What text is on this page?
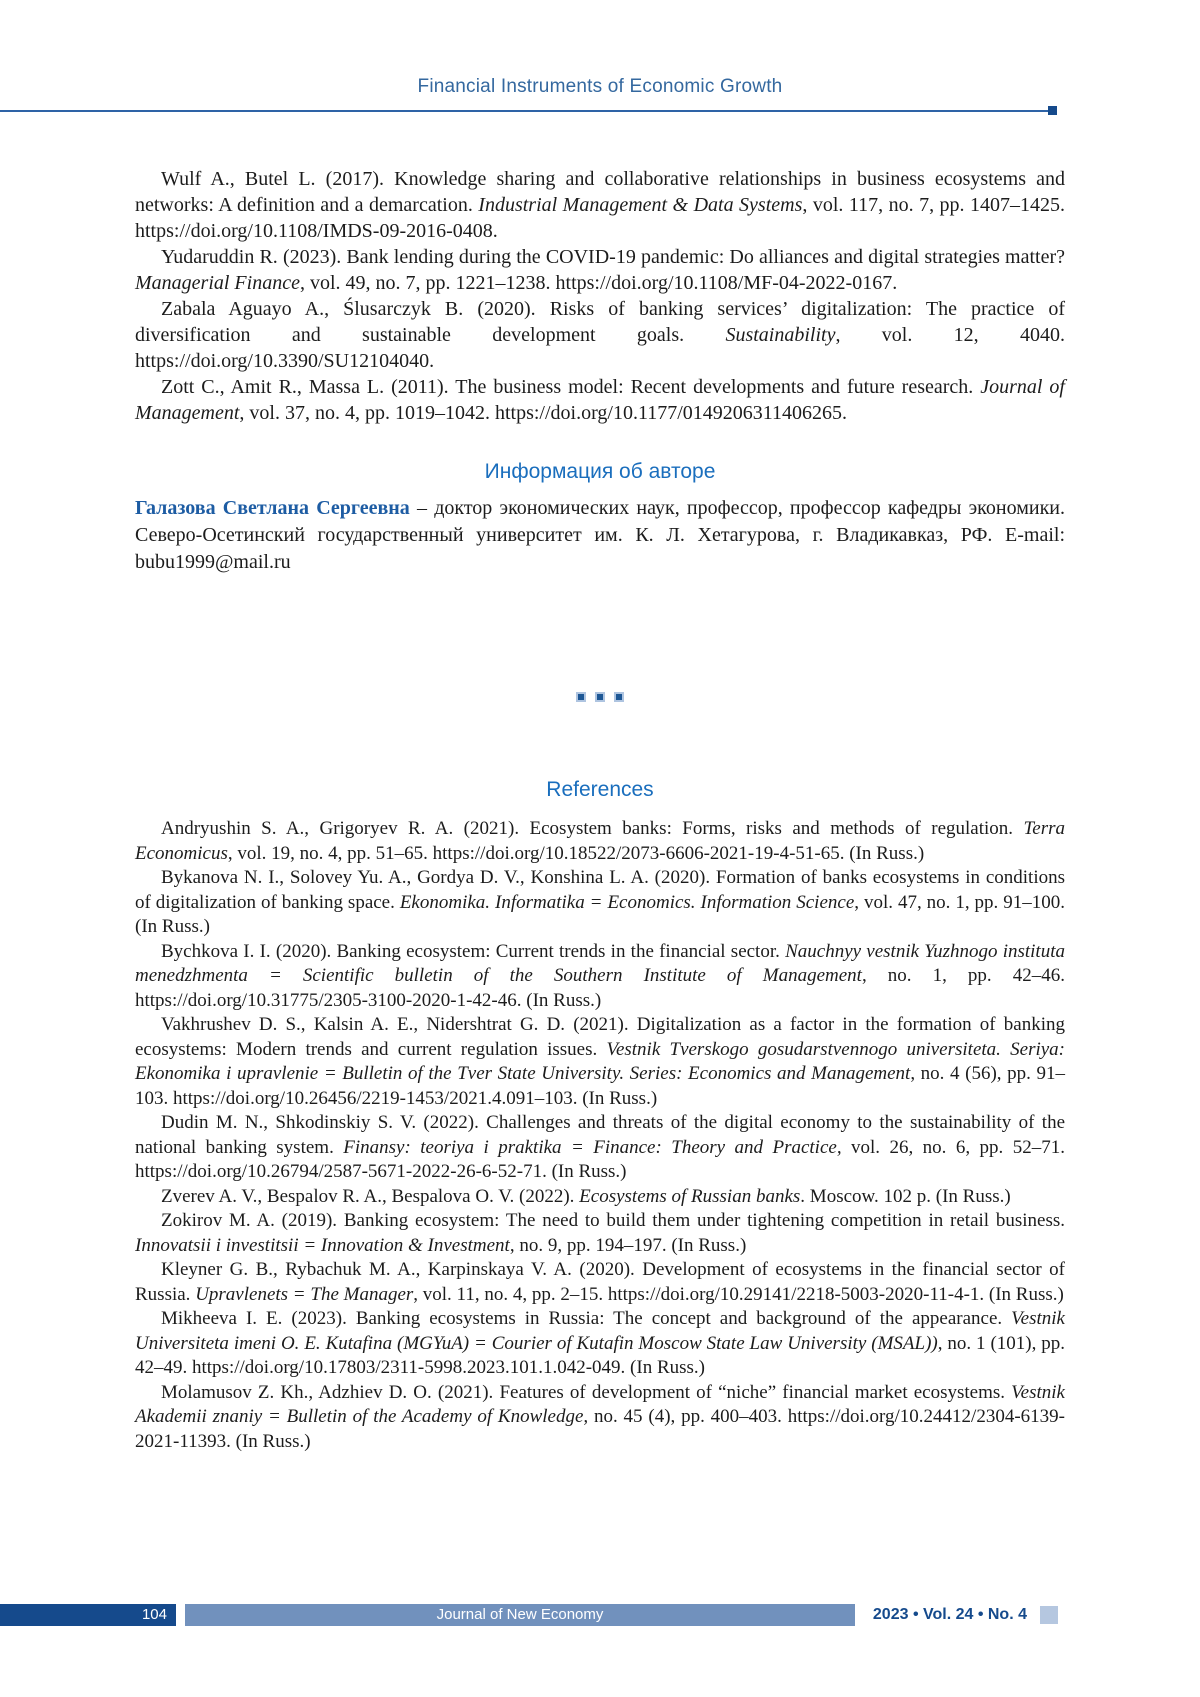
Financial Instruments of Economic Growth

Wulf A., Butel L. (2017). Knowledge sharing and collaborative relationships in business ecosystems and networks: A definition and a demarcation. Industrial Management & Data Systems, vol. 117, no. 7, pp. 1407–1425. https://doi.org/10.1108/IMDS-09-2016-0408.

Yudaruddin R. (2023). Bank lending during the COVID-19 pandemic: Do alliances and digital strategies matter? Managerial Finance, vol. 49, no. 7, pp. 1221–1238. https://doi.org/10.1108/MF-04-2022-0167.

Zabala Aguayo A., Ślusarczyk B. (2020). Risks of banking services’ digitalization: The practice of diversification and sustainable development goals. Sustainability, vol. 12, 4040. https://doi.org/10.3390/SU12104040.

Zott C., Amit R., Massa L. (2011). The business model: Recent developments and future research. Journal of Management, vol. 37, no. 4, pp. 1019–1042. https://doi.org/10.1177/0149206311406265.

Информация об авторе

Галазова Светлана Сергеевна – доктор экономических наук, профессор, профессор кафедры экономики. Северо-Осетинский государственный университет им. К. Л. Хетагурова, г. Владикавказ, РФ. E-mail: bubu1999@mail.ru

References

Andryushin S. A., Grigoryev R. A. (2021). Ecosystem banks: Forms, risks and methods of regulation. Terra Economicus, vol. 19, no. 4, pp. 51–65. https://doi.org/10.18522/2073-6606-2021-19-4-51-65. (In Russ.)

Bykanova N. I., Solovey Yu. A., Gordya D. V., Konshina L. A. (2020). Formation of banks ecosystems in conditions of digitalization of banking space. Ekonomika. Informatika = Economics. Information Science, vol. 47, no. 1, pp. 91–100. (In Russ.)

Bychkova I. I. (2020). Banking ecosystem: Current trends in the financial sector. Nauchnyy vestnik Yuzhnogo instituta menedzhmenta = Scientific bulletin of the Southern Institute of Management, no. 1, pp. 42–46. https://doi.org/10.31775/2305-3100-2020-1-42-46. (In Russ.)

Vakhrushev D. S., Kalsin A. E., Nidershtrat G. D. (2021). Digitalization as a factor in the formation of banking ecosystems: Modern trends and current regulation issues. Vestnik Tverskogo gosudarstvennogo universiteta. Seriya: Ekonomika i upravlenie = Bulletin of the Tver State University. Series: Economics and Management, no. 4 (56), pp. 91–103. https://doi.org/10.26456/2219-1453/2021.4.091–103. (In Russ.)

Dudin M. N., Shkodinskiy S. V. (2022). Challenges and threats of the digital economy to the sustainability of the national banking system. Finansy: teoriya i praktika = Finance: Theory and Practice, vol. 26, no. 6, pp. 52–71. https://doi.org/10.26794/2587-5671-2022-26-6-52-71. (In Russ.)

Zverev A. V., Bespalov R. A., Bespalova O. V. (2022). Ecosystems of Russian banks. Moscow. 102 p. (In Russ.)

Zokirov M. A. (2019). Banking ecosystem: The need to build them under tightening competition in retail business. Innovatsii i investitsii = Innovation & Investment, no. 9, pp. 194–197. (In Russ.)

Kleyner G. B., Rybachuk M. A., Karpinskaya V. A. (2020). Development of ecosystems in the financial sector of Russia. Upravlenets = The Manager, vol. 11, no. 4, pp. 2–15. https://doi.org/10.29141/2218-5003-2020-11-4-1. (In Russ.)

Mikheeva I. E. (2023). Banking ecosystems in Russia: The concept and background of the appearance. Vestnik Universiteta imeni O. E. Kutafina (MGYuA) = Courier of Kutafin Moscow State Law University (MSAL)), no. 1 (101), pp. 42–49. https://doi.org/10.17803/2311-5998.2023.101.1.042-049. (In Russ.)

Molamusov Z. Kh., Adzhiev D. O. (2021). Features of development of “niche” financial market ecosystems. Vestnik Akademii znaniy = Bulletin of the Academy of Knowledge, no. 45 (4), pp. 400–403. https://doi.org/10.24412/2304-6139-2021-11393. (In Russ.)

104	Journal of New Economy	2023 • Vol. 24 • No. 4
